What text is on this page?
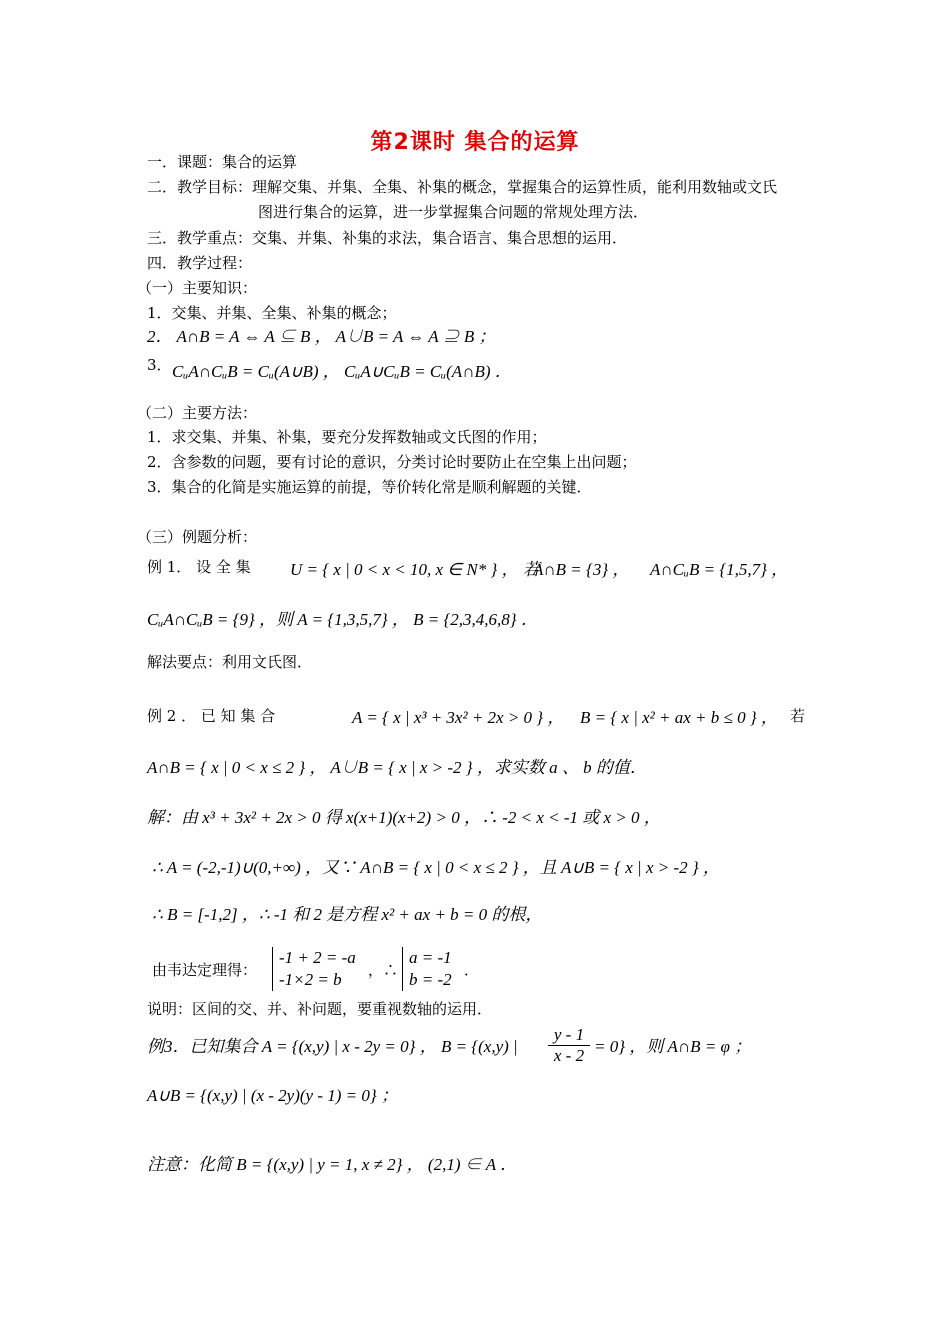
第2课时 集合的运算
一．课题：集合的运算
二．教学目标：理解交集、并集、全集、补集的概念，掌握集合的运算性质，能利用数轴或文氏
图进行集合的运算，进一步掌握集合问题的常规处理方法．
三．教学重点：交集、并集、补集的求法，集合语言、集合思想的运用．
四．教学过程：
（一）主要知识：
1．交集、并集、全集、补集的概念；
2． A∩B = A ⇔ A ⊆ B ， A∪B = A ⇔ A ⊇ B ；
3． CᵤA∩CᵤB = Cᵤ(A∪B) ， CᵤA∪CᵤB = Cᵤ(A∩B) ．
（二）主要方法：
1．求交集、并集、补集，要充分发挥数轴或文氏图的作用；
2．含参数的问题，要有讨论的意识，分类讨论时要防止在空集上出问题；
3．集合的化简是实施运算的前提，等价转化常是顺利解题的关键．
（三）例题分析：
例 1． 设 全 集 U = { x | 0 < x < 10, x ∈ N* } ， 若
A∩B = {3} ， A∩CᵤB = {1,5,7} ，
CᵤA∩CᵤB = {9} ，则 A = {1,3,5,7} ， B = {2,3,4,6,8} ．
解法要点：利用文氏图．
例 2 ． 已 知 集 合	A = { x | x³ + 3x² + 2x > 0 } ， B = { x | x² + ax + b ≤ 0 } ， 若
A∩B = { x | 0 < x ≤ 2 } ， A∪B = { x | x > -2 } ，求实数 a 、 b 的值．
解：由 x³ + 3x² + 2x > 0 得 x(x+1)(x+2) > 0 ，∴ -2 < x < -1 或 x > 0 ，
∴ A = (-2,-1)∪(0,+∞) ，又∵ A∩B = { x | 0 < x ≤ 2 } ，且 A∪B = { x | x > -2 } ，
∴ B = [-1,2] ，∴ -1 和 2 是方程 x² + ax + b = 0 的根，
由韦达定理得：
-1 + 2 = -a
-1×2 = b	，∴
a = -1
b = -2 ．
说明：区间的交、并、补问题，要重视数轴的运用．
例3．已知集合 A = {(x,y) | x - 2y = 0} ， B = {(x,y) | $\frac{y - 1}{x - 2} = 0$} ，则 A∩B = φ ；
A∪B = {(x,y) | (x - 2y)(y - 1) = 0} ；
注意：化简 B = {(x,y) | y = 1, x ≠ 2} ， (2,1) ∈ A ．
